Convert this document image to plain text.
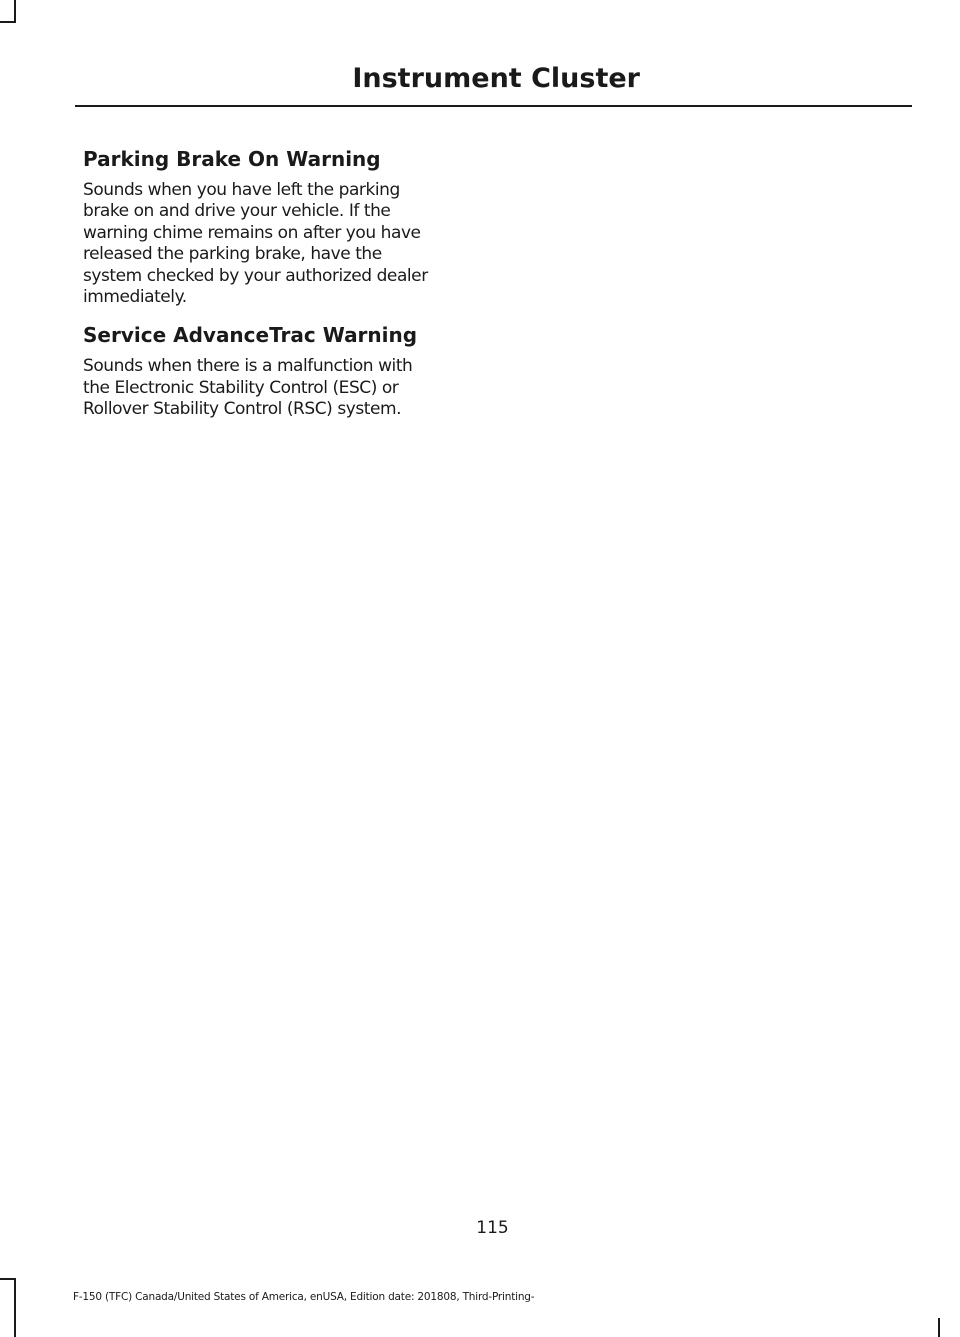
Instrument Cluster
Parking Brake On Warning

Sounds when you have left the parking
brake on and drive your vehicle. If the
warning chime remains on after you have
released the parking brake, have the
system checked by your authorized dealer
immediately.

Service AdvanceTrac Warning

Sounds when there is a malfunction with
the Electronic Stability Control (ESC) or
Rollover Stability Control (RSC) system.

115
F-150 (TFC) Canada/United States of America, enUSA, Edition date: 201808, Third-Printing-
